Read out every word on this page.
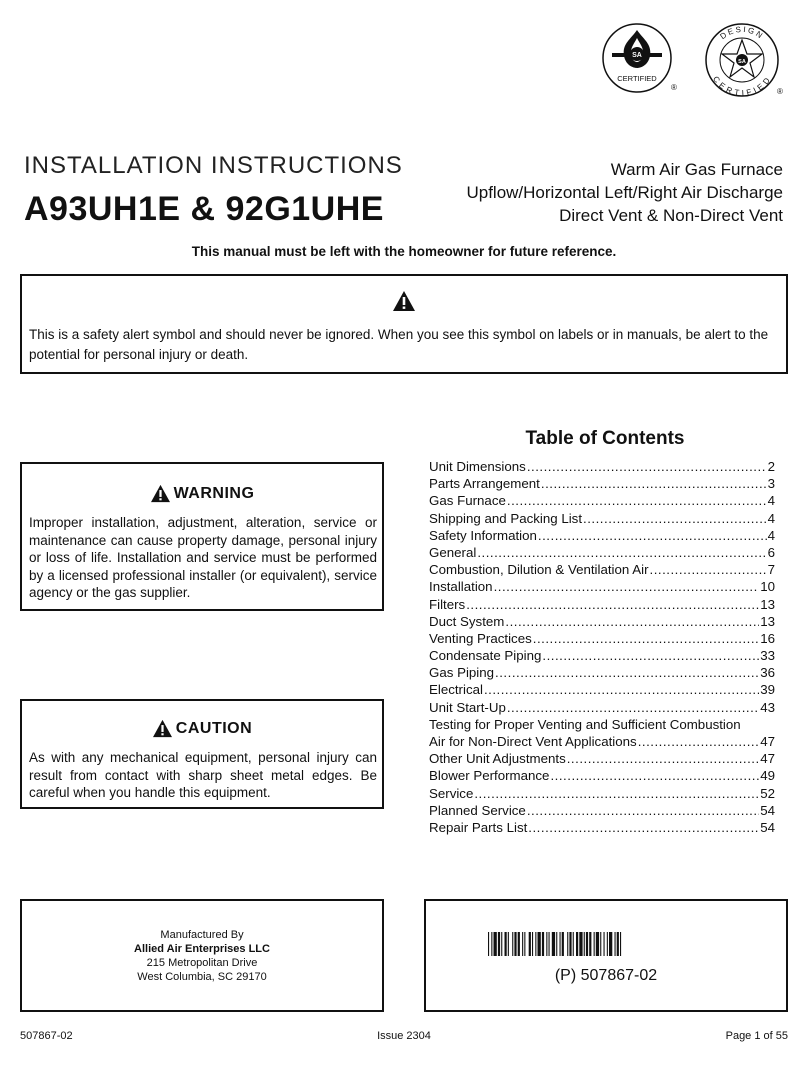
SA
CERTIFIED
®
DESIGN
CERTIFIED
SA
®
INSTALLATION INSTRUCTIONS
A93UH1E & 92G1UHE
Warm Air Gas Furnace
Upflow/Horizontal Left/Right Air Discharge
Direct Vent & Non-Direct Vent
This manual must be left with the homeowner for future reference.
This is a safety alert symbol and should never be ignored. When you see this symbol on labels or in manuals, be alert to the potential for personal injury or death.
WARNING
Improper installation, adjustment, alteration, service or maintenance can cause property damage, personal injury or loss of life. Installation and service must be performed by a licensed professional installer (or equivalent), service agency or the gas supplier.
CAUTION
As with any mechanical equipment, personal injury can result from contact with sharp sheet metal edges. Be careful when you handle this equipment.
Table of Contents
Unit Dimensions .....	2
Parts Arrangement .....	3
Gas Furnace .....	4
Shipping and Packing List .....	4
Safety Information .....	4
General .....	6
Combustion, Dilution & Ventilation Air .....	7
Installation .....	10
Filters .....	13
Duct System .....	13
Venting Practices .....	16
Condensate Piping .....	33
Gas Piping .....	36
Electrical .....	39
Unit Start-Up .....	43
Testing for Proper Venting and Sufficient Combustion
Air for Non-Direct Vent Applications .....	47
Other Unit Adjustments .....	47
Blower Performance .....	49
Service .....	52
Planned Service .....	54
Repair Parts List .....	54
Manufactured By
Allied Air Enterprises LLC
215 Metropolitan Drive
West Columbia, SC 29170	(P) 507867-02
507867-02	Issue 2304	Page 1 of 55
